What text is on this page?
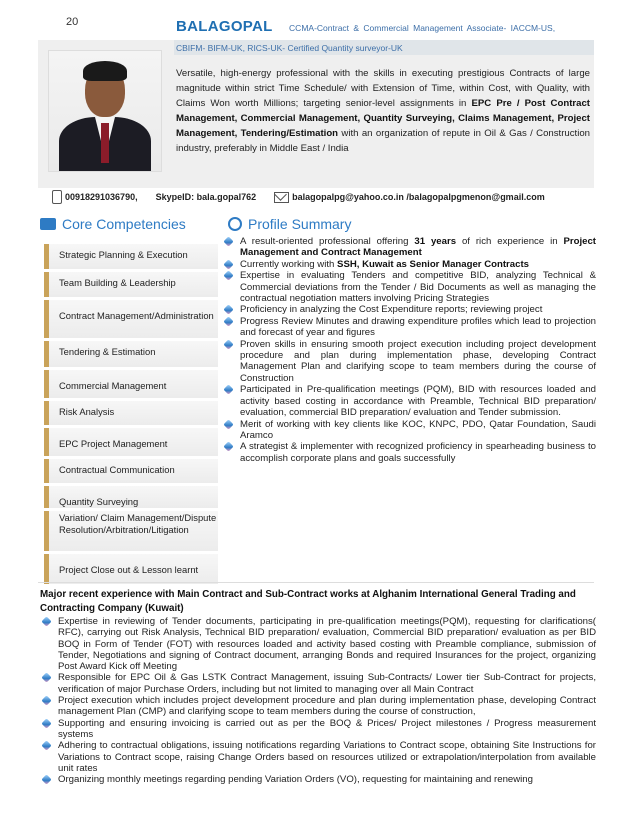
20	BALAGOPAL CCMA-Contract & Commercial Management Associate- IACCM-US,
CBIFM- BIFM-UK, RICS-UK- Certified Quantity surveyor-UK
Versatile, high-energy professional with the skills in executing prestigious Contracts of large magnitude within strict Time Schedule/ with Extension of Time, within Cost, with Quality, with Claims Won worth Millions; targeting senior-level assignments in EPC Pre / Post Contract Management, Commercial Management, Quantity Surveying, Claims Management, Project Management, Tendering/Estimation with an organization of repute in Oil & Gas / Construction industry, preferably in Middle East / India
00918291036790, SkypeID: bala.gopal762	balagopalpg@yahoo.co.in /balagopalpgmenon@gmail.com
Core Competencies	Profile Summary
Strategic Planning & Execution
Team Building & Leadership
Contract Management/Administration
Tendering & Estimation
Commercial Management
Risk Analysis
EPC Project Management
Contractual Communication
Quantity Surveying
Variation/ Claim Management/Dispute Resolution/Arbitration/Litigation
Project Close out & Lesson learnt
A result-oriented professional offering 31 years of rich experience in Project Management and Contract Management
Currently working with SSH, Kuwait as Senior Manager Contracts
Expertise in evaluating Tenders and competitive BID, analyzing Technical & Commercial deviations from the Tender / Bid Documents as well as managing the contractual negotiation matters involving Pricing Strategies
Proficiency in analyzing the Cost Expenditure reports; reviewing project
Progress Review Minutes and drawing expenditure profiles which lead to projection and forecast of year and figures
Proven skills in ensuring smooth project execution including project development procedure and plan during implementation phase, developing Contract Management Plan and clarifying scope to team members during the course of Construction
Participated in Pre-qualification meetings (PQM), BID with resources loaded and activity based costing in accordance with Preamble, Technical BID preparation/ evaluation, commercial BID preparation/ evaluation and Tender submission.
Merit of working with key clients like KOC, KNPC, PDO, Qatar Foundation, Saudi Aramco
A strategist & implementer with recognized proficiency in spearheading business to accomplish corporate plans and goals successfully
Major recent experience with Main Contract and Sub-Contract works at Alghanim International General Trading and Contracting Company (Kuwait)
Expertise in reviewing of Tender documents, participating in pre-qualification meetings(PQM), requesting for clarifications( RFC), carrying out Risk Analysis, Technical BID preparation/ evaluation, Commercial BID preparation/ evaluation as per BID BOQ in Form of Tender (FOT) with resources loaded and activity based costing with Preamble compliance, submission of Tender, Negotiations and signing of Contract document, arranging Bonds and required Insurances for the project, organizing Post Award Kick off Meeting
Responsible for EPC Oil & Gas LSTK Contract Management, issuing Sub-Contracts/ Lower tier Sub-Contract for projects, verification of major Purchase Orders, including but not limited to managing over all Main Contract
Project execution which includes project development procedure and plan during implementation phase, developing Contract management Plan (CMP) and clarifying scope to team members during the course of construction,
Supporting and ensuring invoicing is carried out as per the BOQ & Prices/ Project milestones / Progress measurement systems
Adhering to contractual obligations, issuing notifications regarding Variations to Contract scope, obtaining Site Instructions for Variations to Contract scope, raising Change Orders based on resources utilized or extrapolation/interpolation from available unit rates
Organizing monthly meetings regarding pending Variation Orders (VO), requesting for maintaining and renewing
